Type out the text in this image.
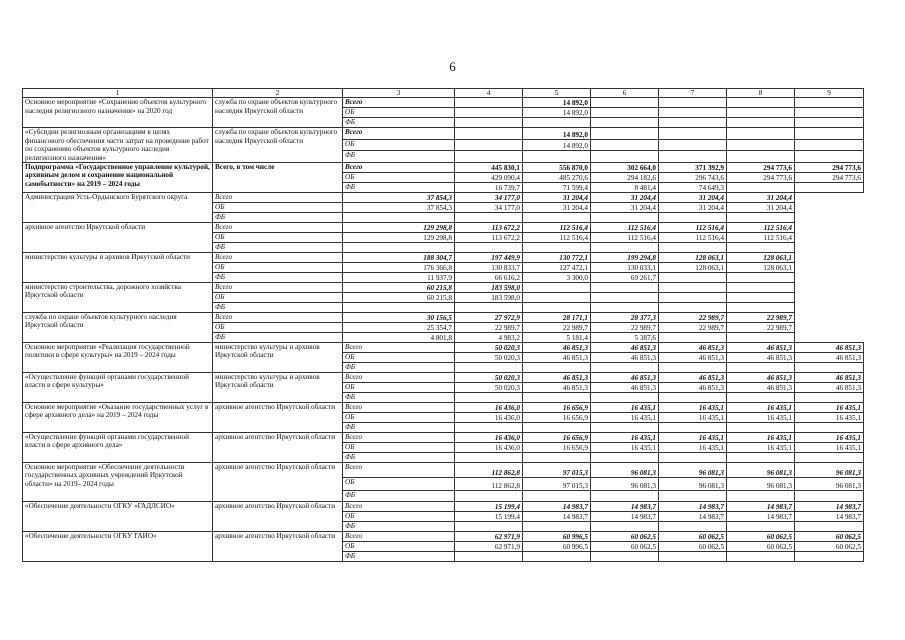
6
1	2	3	4	5	6	7	8	9
Основное мероприятие «Сохранение объектов культурного наследия религиозного назначения» на 2020 год	служба по охране объектов культурного наследия Иркутской области	Всего		14 892,0				
		ОБ		14 892,0				
		ФБ						
«Субсидии религиозным организациям в целях финансового обеспечения части затрат на проведение работ по сохранению объектов культурного наследия религиозного назначения»	служба по охране объектов культурного наследия Иркутской области	Всего		14 892,0				
		ОБ		14 892,0				
		ФБ						
Подпрограмма «Государственное управление культурой, архивным делом и сохранение национальной самобытности» на 2019 – 2024 годы	Всего, в том числе	Всего	445 830,1	556 870,0	302 664,0	371 392,9	294 773,6	294 773,6
		ОБ	429 090,4	485 270,6	294 182,6	296 743,6	294 773,6	294 773,6
		ФБ	16 739,7	71 599,4	8 481,4	74 649,3		
Администрация Усть-Ордынского Бурятского округа	Всего	37 854,3	34 177,0	31 204,4	31 204,4	31 204,4	31 204,4	
	ОБ	37 854,3	34 177,0	31 204,4	31 204,4	31 204,4	31 204,4	
	ФБ							
архивное агентство Иркутской области	Всего	129 298,8	113 672,2	112 516,4	112 516,4	112 516,4	112 516,4	
	ОБ	129 298,8	113 672,2	112 516,4	112 516,4	112 516,4	112 516,4	
	ФБ							
министерство культуры и архивов Иркутской области	Всего	188 304,7	197 449,9	130 772,1	199 294,8	128 063,1	128 063,1	
	ОБ	176 366,8	130 833,7	127 472,1	130 033,1	128 063,1	128 063,1	
	ФБ	11 937,9	66 616,2	3 300,0	69 261,7			
министерство строительства, дорожного хозяйства Иркутской области	Всего	60 215,8	183 598,0					
	ОБ	60 215,8	183 598,0					
	ФБ							
служба по охране объектов культурного наследия Иркутской области	Всего	30 156,5	27 972,9	28 171,1	28 377,3	22 989,7	22 989,7	
	ОБ	25 354,7	22 989,7	22 989,7	22 989,7	22 989,7	22 989,7	
	ФБ	4 801,8	4 983,2	5 181,4	5 387,6			
Основное мероприятие «Реализация государственной политики в сфере культуры» на 2019 – 2024 годы	министерство культуры и архивов Иркутской области	Всего	50 020,3	46 851,3	46 851,3	46 851,3	46 851,3	46 851,3
		ОБ	50 020,3	46 851,3	46 851,3	46 851,3	46 851,3	46 851,3
		ФБ						
«Осуществление функций органами государственной власти в сфере культуры»	министерство культуры и архивов Иркутской области	Всего	50 020,3	46 851,3	46 851,3	46 851,3	46 851,3	46 851,3
		ОБ	50 020,3	46 851,3	46 851,3	46 851,3	46 851,3	46 851,3
		ФБ						
Основное мероприятие «Оказание государственных услуг в сфере архивного дела» на 2019 – 2024 годы	архивное агентство Иркутской области	Всего	16 436,0	16 656,9	16 435,1	16 435,1	16 435,1	16 435,1
		ОБ	16 436,0	16 656,9	16 435,1	16 435,1	16 435,1	16 435,1
		ФБ						
«Осуществление функций органами государственной власти в сфере архивного дела»	архивное агентство Иркутской области	Всего	16 436,0	16 656,9	16 435,1	16 435,1	16 435,1	16 435,1
		ОБ	16 436,0	16 656,9	16 435,1	16 435,1	16 435,1	16 435,1
		ФБ						
Основное мероприятие «Обеспечение деятельности государственных архивных учреждений Иркутской области» на 2019– 2024 годы	архивное агентство Иркутской области	Всего	112 862,8	97 015,3	96 081,3	96 081,3	96 081,3	96 081,3
		ОБ	112 862,8	97 015,3	96 081,3	96 081,3	96 081,3	96 081,3
		ФБ						
«Обеспечение деятельности ОГКУ «ГАДЛСИО»	архивное агентство Иркутской области	Всего	15 199,4	14 983,7	14 983,7	14 983,7	14 983,7	14 983,7
		ОБ	15 199,4	14 983,7	14 983,7	14 983,7	14 983,7	14 983,7
		ФБ						
«Обеспечение деятельности ОГКУ ГАИО»	архивное агентство Иркутской области	Всего	62 971,9	60 996,5	60 062,5	60 062,5	60 062,5	60 062,5
		ОБ	62 971,9	60 996,5	60 062,5	60 062,5	60 062,5	60 062,5
		ФБ						
